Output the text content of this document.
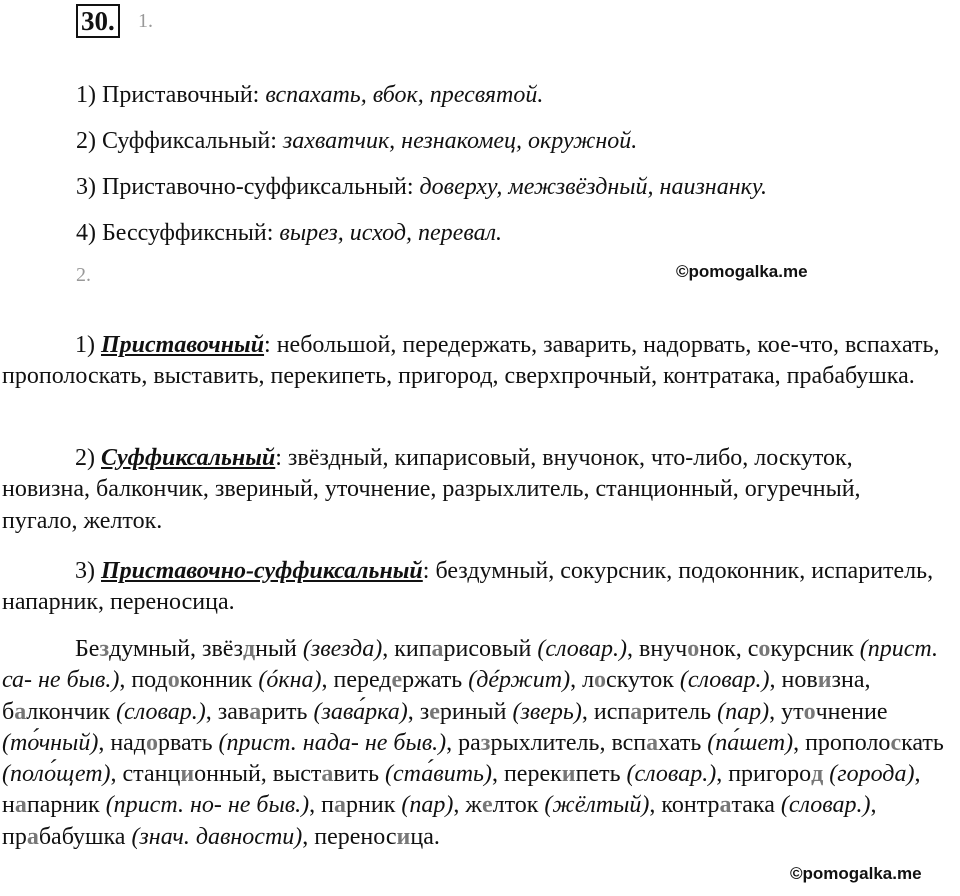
30. 1.
1) Приставочный: вспахать, вбок, пресвятой.
2) Суффиксальный: захватчик, незнакомец, окружной.
3) Приставочно-суффиксальный: доверху, межзвёздный, наизнанку.
4) Бессуффиксный: вырез, исход, перевал.
2.	©pomogalka.me
1) Приставочный: небольшой, передержать, заварить, надорвать, кое-что, вспахать, прополоскать, выставить, перекипеть, пригород, сверхпрочный, контратака, прабабушка.
2) Суффиксальный: звёздный, кипарисовый, внучонок, что-либо, лоскуток, новизна, балкончик, звериный, уточнение, разрыхлитель, станционный, огуречный, пугало, желток.
3) Приставочно-суффиксальный: бездумный, сокурсник, подоконник, испаритель, напарник, переносица.
Бездумный, звёздный (звезда), кипарисовый (словар.), внучонок, сокурсник (прист. са- не быв.), подоконник (óкна), передержать (дéржит), лоскуток (словар.), новизна, балкончик (словар.), заварить (зава́рка), зериный (зверь), испаритель (пар), уточнение (то́чный), надорвать (прист. нада- не быв.), разрыхлитель, вспахать (па́шет), прополоскать (поло́щет), станционный, выставить (ста́вить), перекипеть (словар.), пригород (города), напарник (прист. но- не быв.), парник (пар), желток (жёлтый), контратака (словар.), прабабушка (знач. давности), переносица.
©pomogalka.me
